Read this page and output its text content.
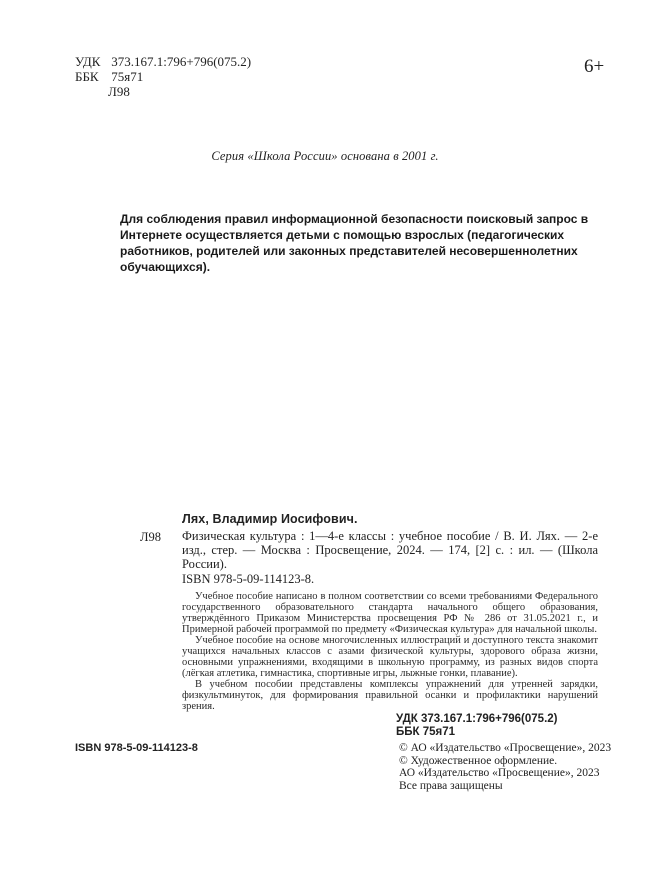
УДК 373.167.1:796+796(075.2)
ББК 75я71
Л98
6+
Серия «Школа России» основана в 2001 г.
Для соблюдения правил информационной безопасности поисковый запрос в Интернете осуществляется детьми с помощью взрослых (педагогических работников, родителей или законных представителей несовершеннолетних обучающихся).
Л98
Лях, Владимир Иосифович.
Физическая культура : 1—4-е классы : учебное пособие / В. И. Лях. — 2-е изд., стер. — Москва : Просвещение, 2024. — 174, [2] с. : ил. — (Школа России).
ISBN 978-5-09-114123-8.

Учебное пособие написано в полном соответствии со всеми требованиями Федерального государственного образовательного стандарта начального общего образования, утверждённого Приказом Министерства просвещения РФ № 286 от 31.05.2021 г., и Примерной рабочей программой по предмету «Физическая культура» для начальной школы.

Учебное пособие на основе многочисленных иллюстраций и доступного текста знакомит учащихся начальных классов с азами физической культуры, здорового образа жизни, основными упражнениями, входящими в школьную программу, из разных видов спорта (лёгкая атлетика, гимнастика, спортивные игры, лыжные гонки, плавание).

В учебном пособии представлены комплексы упражнений для утренней зарядки, физкультминуток, для формирования правильной осанки и профилактики нарушений зрения.

УДК 373.167.1:796+796(075.2)
ББК 75я71
ISBN 978-5-09-114123-8	© АО «Издательство «Просвещение», 2023
© Художественное оформление.
АО «Издательство «Просвещение», 2023
Все права защищены
